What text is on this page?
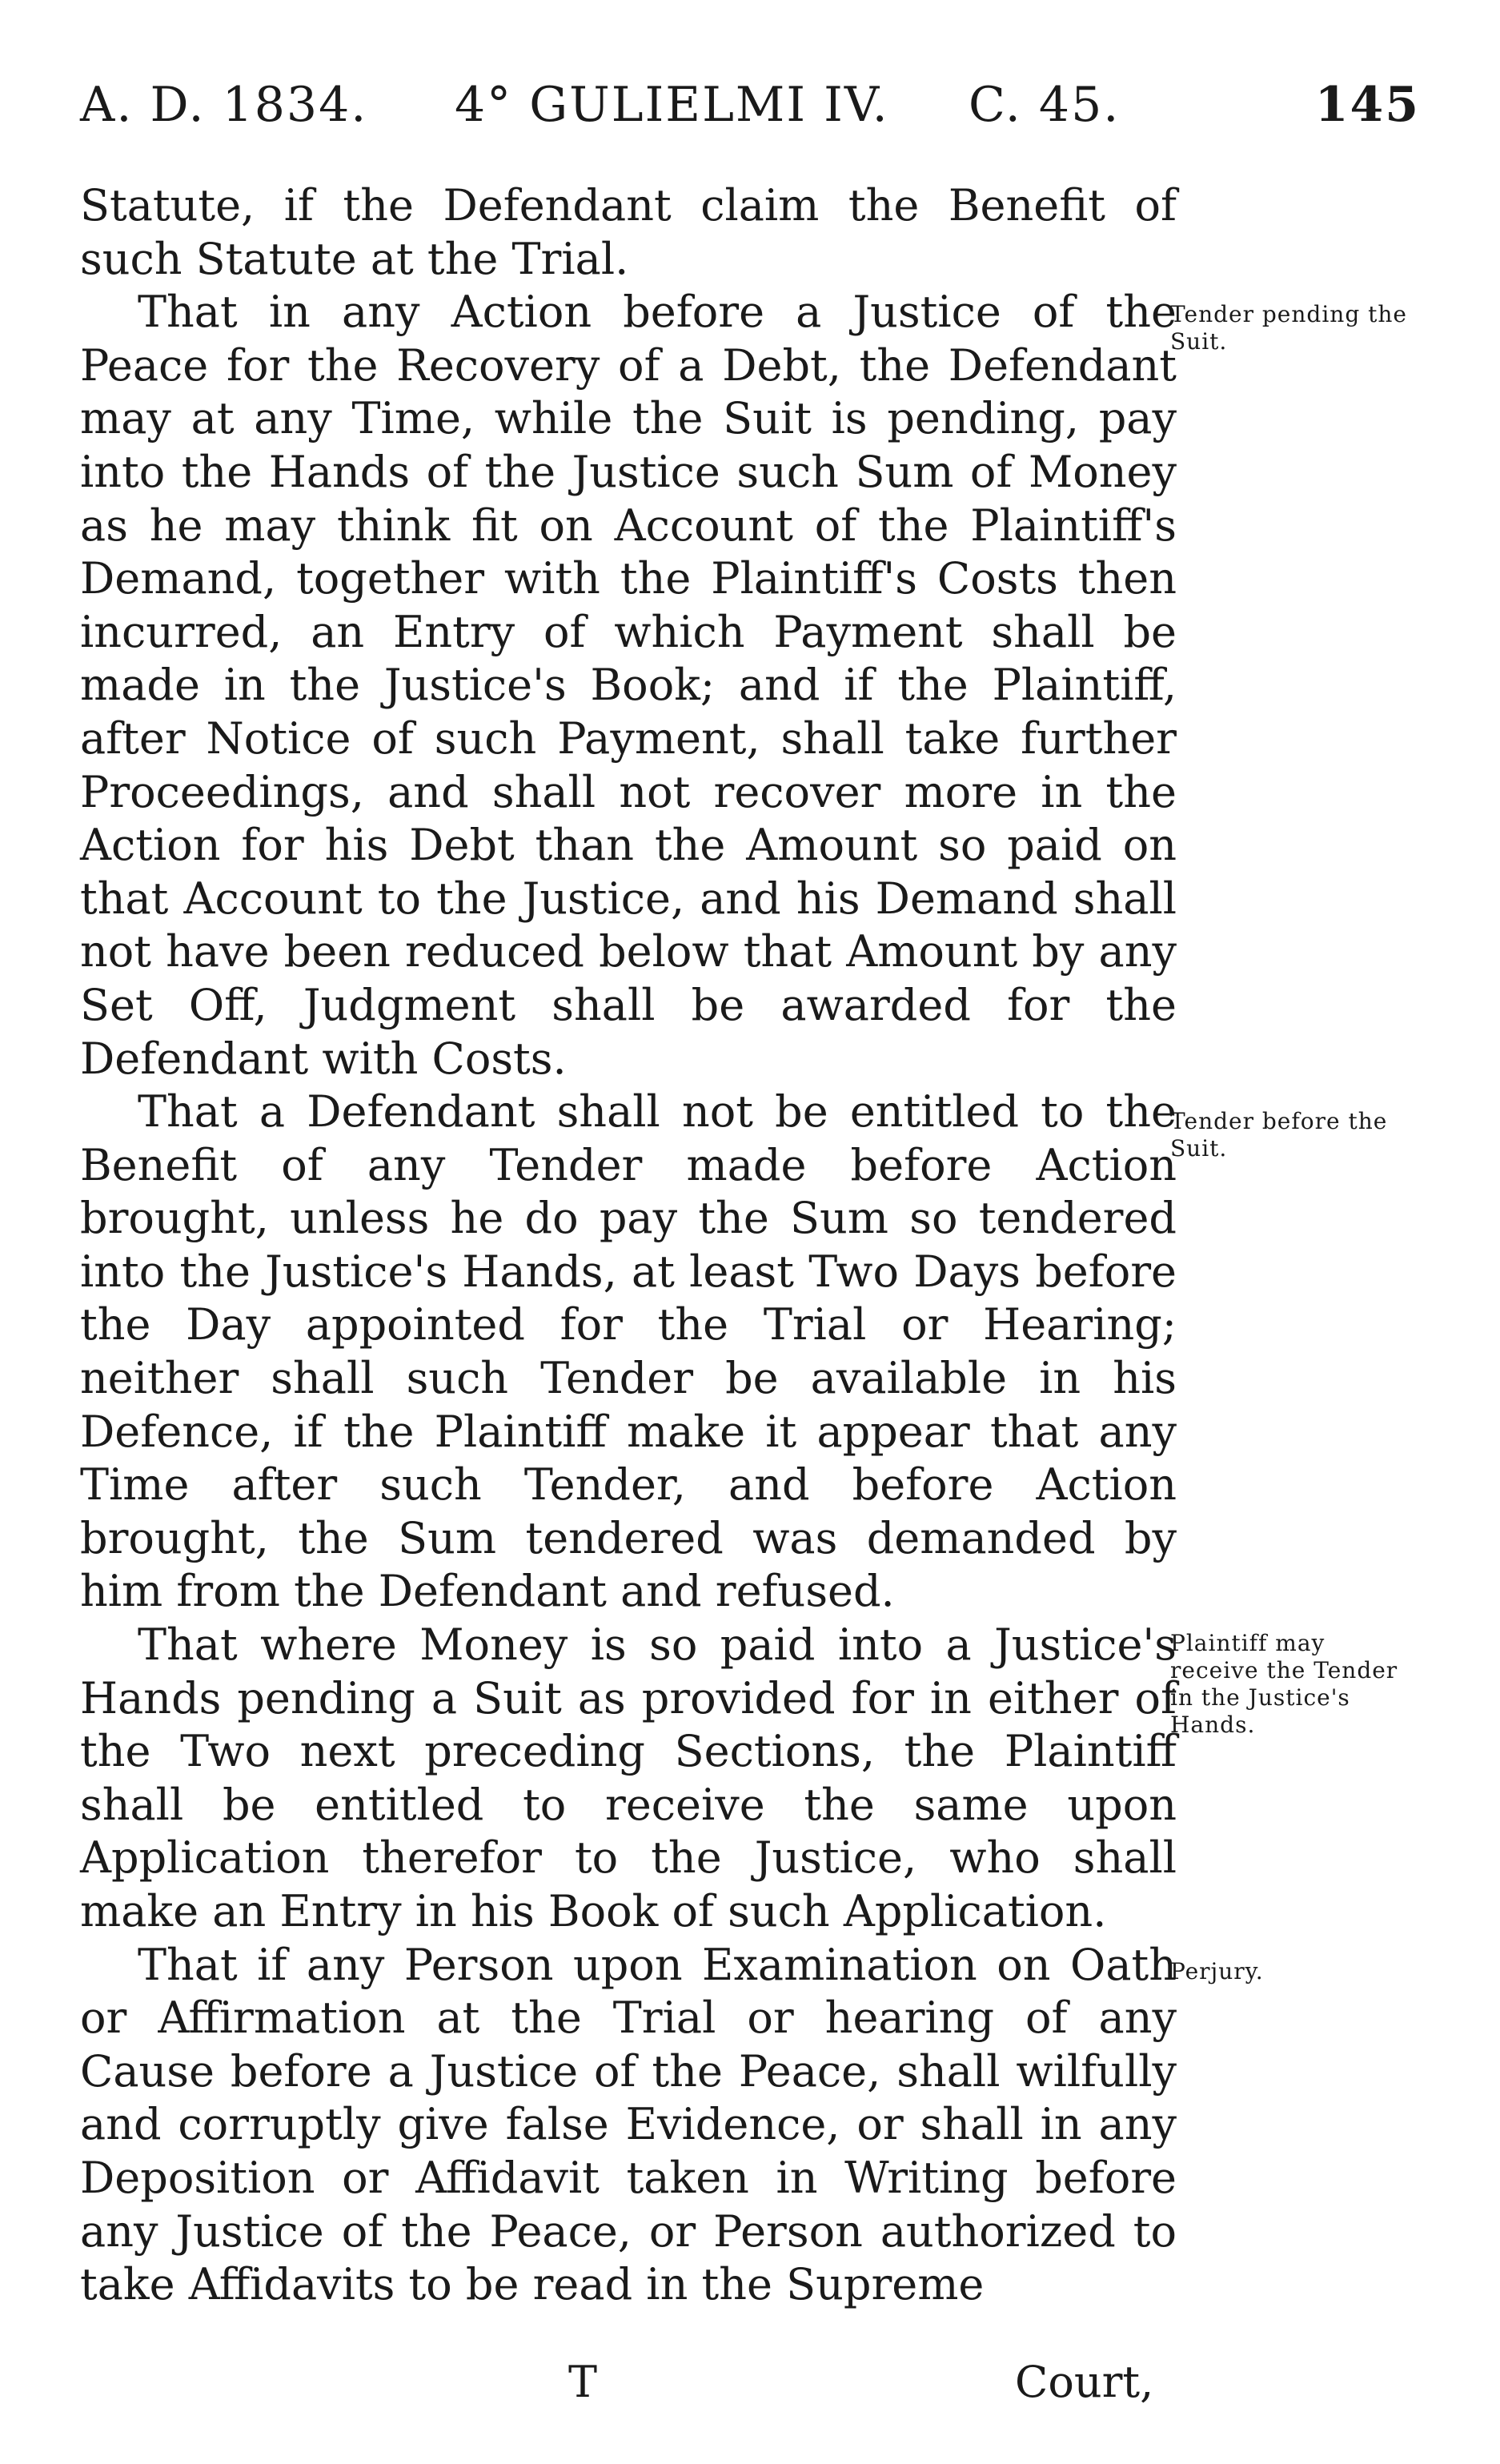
A. D. 1834. 4° GULIELMI IV. C. 45.	145

Statute, if the Defendant claim the Benefit of such Statute at the Trial.

That in any Action before a Justice of the Peace for the Recovery of a Debt, the Defendant may at any Time, while the Suit is pending, pay into the Hands of the Justice such Sum of Money as he may think fit on Account of the Plaintiff's Demand, together with the Plaintiff's Costs then incurred, an Entry of which Payment shall be made in the Justice's Book; and if the Plaintiff, after Notice of such Payment, shall take further Proceedings, and shall not recover more in the Action for his Debt than the Amount so paid on that Account to the Justice, and his Demand shall not have been reduced below that Amount by any Set Off, Judgment shall be awarded for the Defendant with Costs.

That a Defendant shall not be entitled to the Benefit of any Tender made before Action brought, unless he do pay the Sum so tendered into the Justice's Hands, at least Two Days before the Day appointed for the Trial or Hearing; neither shall such Tender be available in his Defence, if the Plaintiff make it appear that any Time after such Tender, and before Action brought, the Sum tendered was demanded by him from the Defendant and refused.

That where Money is so paid into a Justice's Hands pending a Suit as provided for in either of the Two next preceding Sections, the Plaintiff shall be entitled to receive the same upon Application therefor to the Justice, who shall make an Entry in his Book of such Application.

That if any Person upon Examination on Oath or Affirmation at the Trial or hearing of any Cause before a Justice of the Peace, shall wilfully and corruptly give false Evidence, or shall in any Deposition or Affidavit taken in Writing before any Justice of the Peace, or Person authorized to take Affidavits to be read in the Supreme

Tender pending the Suit.
Tender before the Suit.
Plaintiff may receive the Tender in the Justice's Hands.
Perjury.
T	Court,
